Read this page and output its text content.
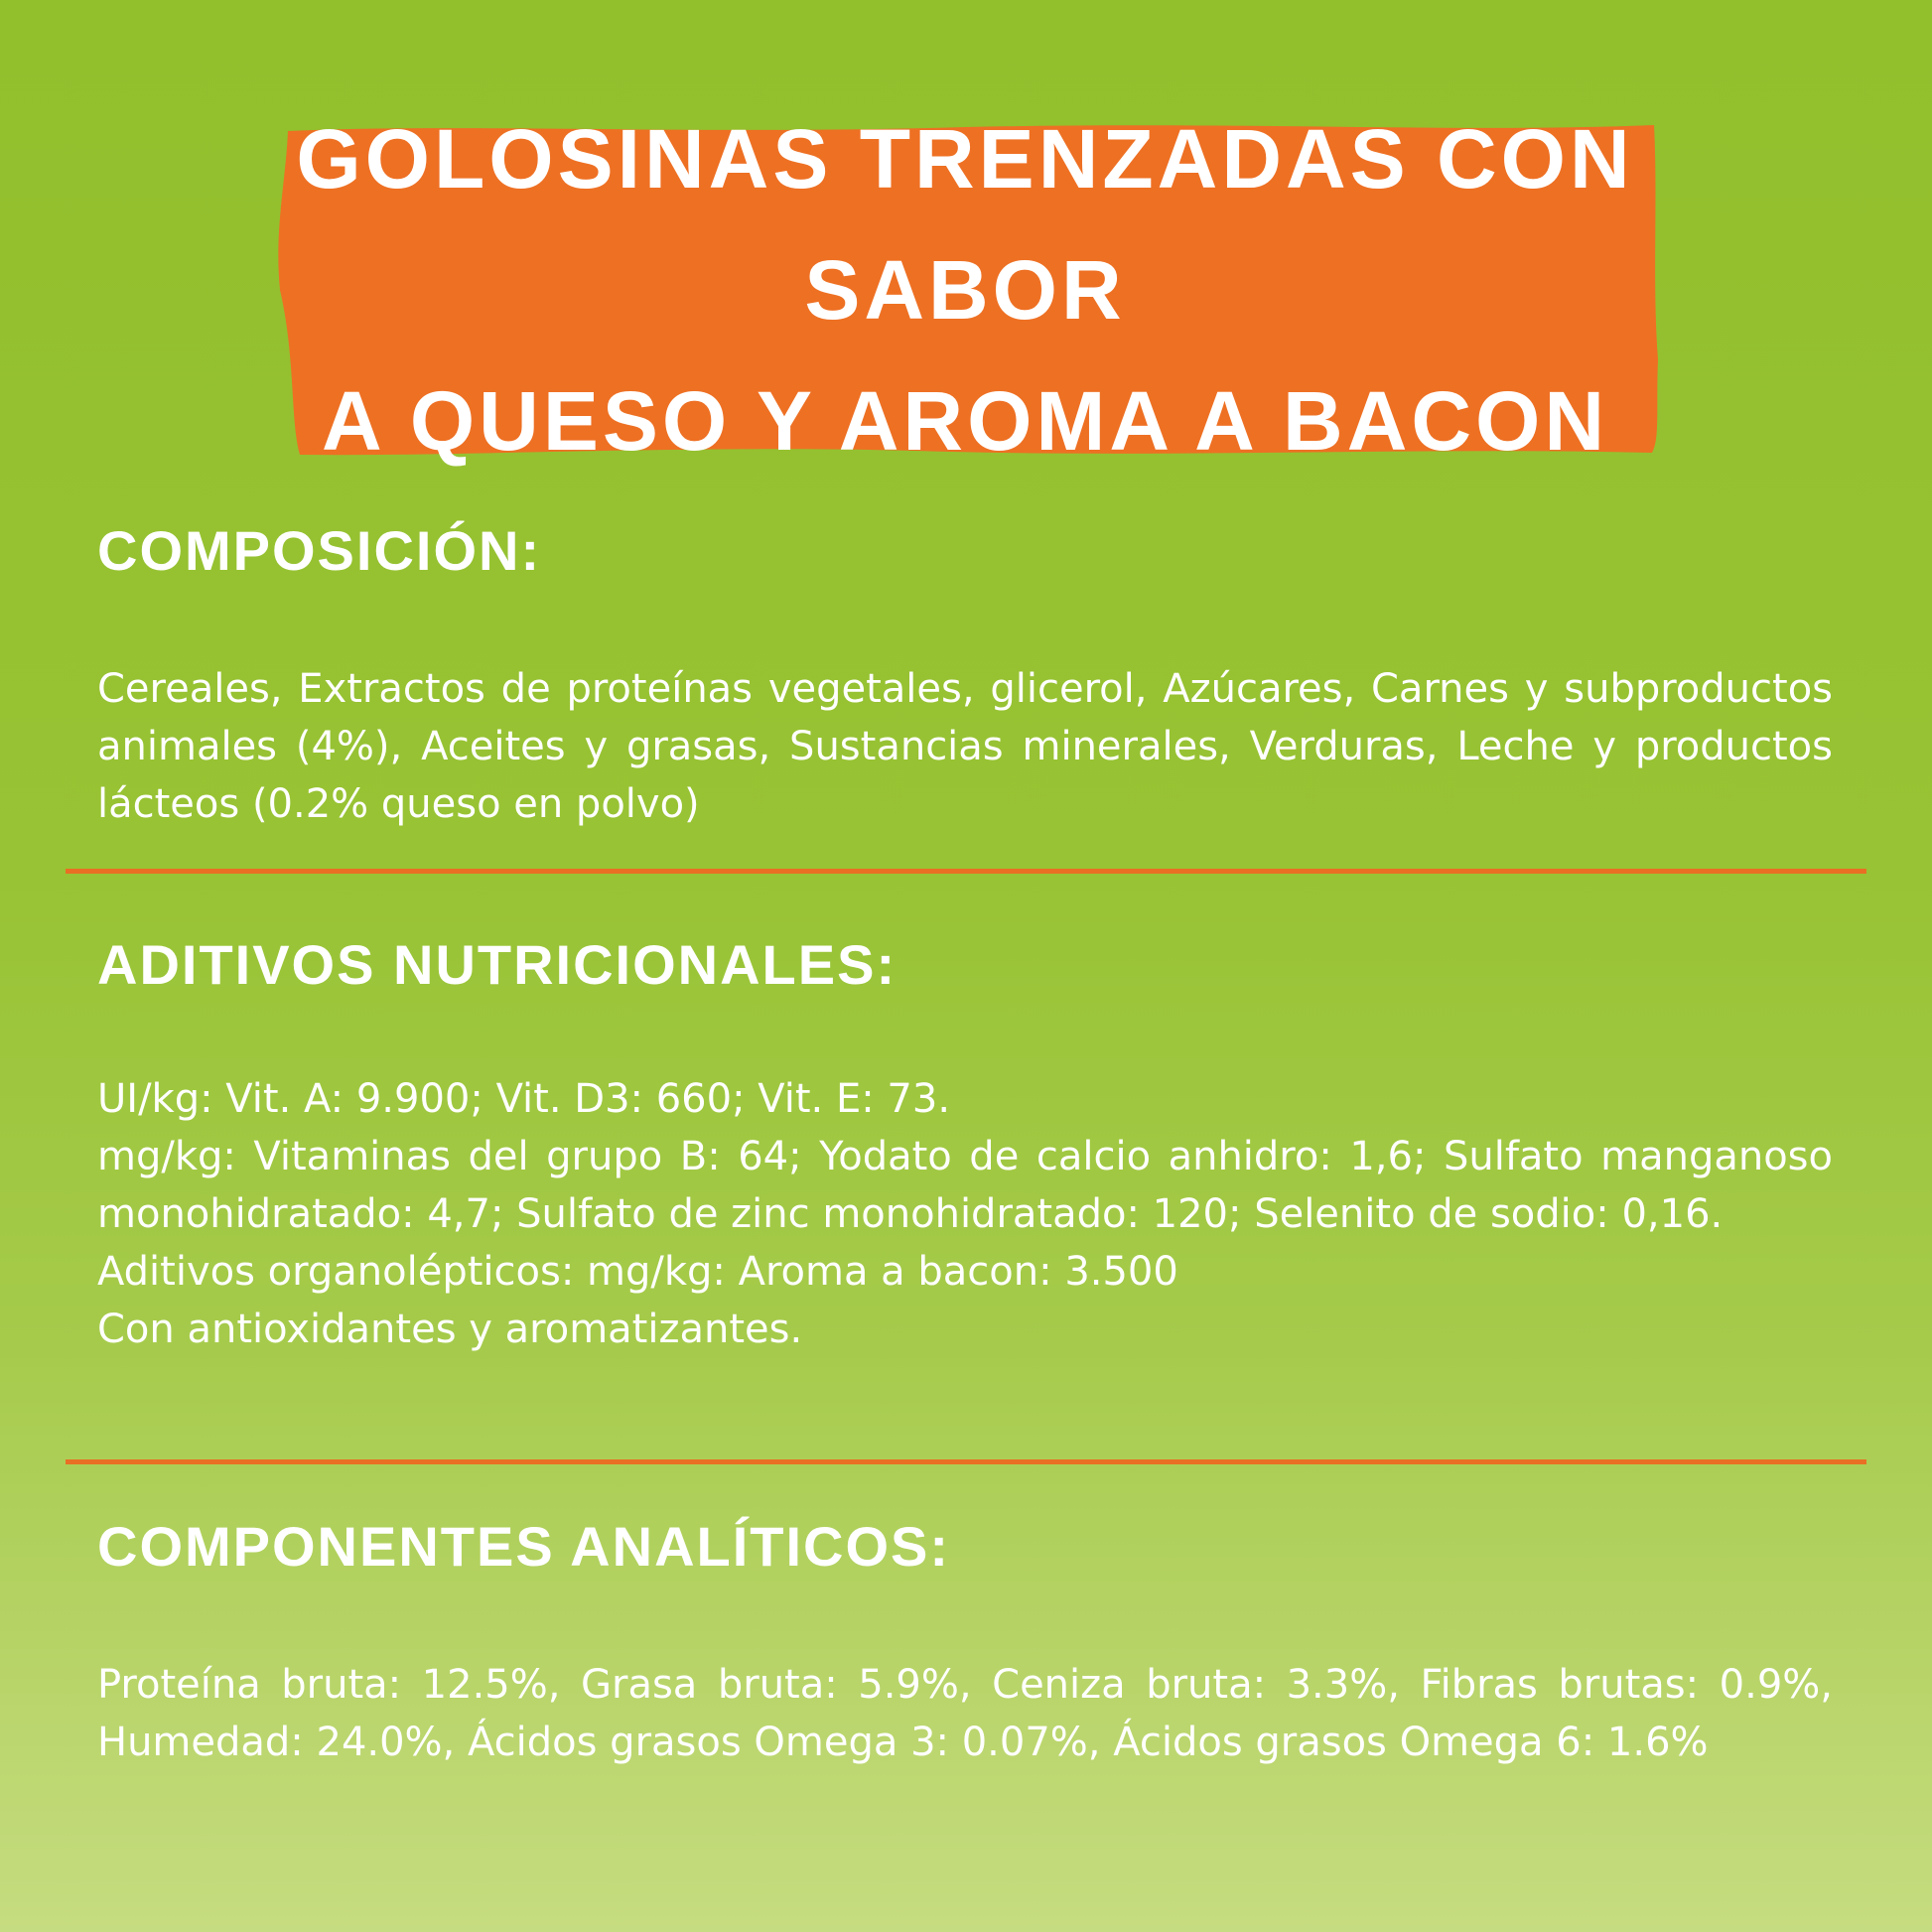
GOLOSINAS TRENZADAS CON SABOR
A QUESO Y AROMA A BACON
COMPOSICIÓN:

Cereales, Extractos de proteínas vegetales, glicerol, Azúcares, Carnes y subproductos animales (4%), Aceites y grasas, Sustancias minerales, Verduras, Leche y productos lácteos (0.2% queso en polvo)

ADITIVOS NUTRICIONALES:

UI/kg: Vit. A: 9.900; Vit. D3: 660; Vit. E: 73.

mg/kg: Vitaminas del grupo B: 64; Yodato de calcio anhidro: 1,6; Sulfato manganoso monohidratado: 4,7; Sulfato de zinc monohidratado: 120; Selenito de sodio: 0,16.

Aditivos organolépticos: mg/kg: Aroma a bacon: 3.500

Con antioxidantes y aromatizantes.

COMPONENTES ANALÍTICOS:

Proteína bruta: 12.5%, Grasa bruta: 5.9%, Ceniza bruta: 3.3%, Fibras brutas: 0.9%, Humedad: 24.0%, Ácidos grasos Omega 3: 0.07%, Ácidos grasos Omega 6: 1.6%
